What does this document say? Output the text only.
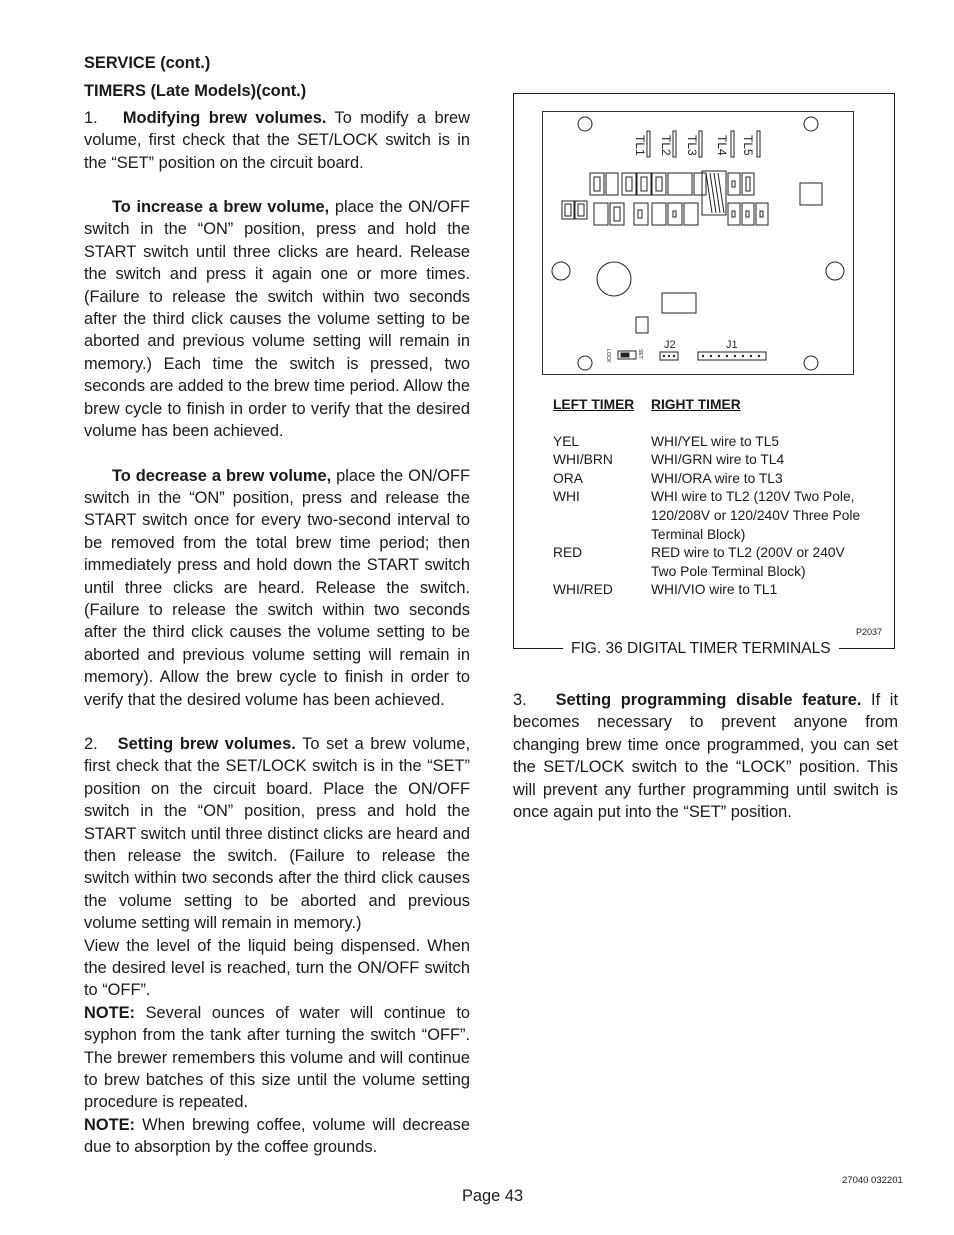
SERVICE (cont.)
TIMERS (Late Models)(cont.)

1. Modifying brew volumes. To modify a brew volume, first check that the SET/LOCK switch is in the “SET” position on the circuit board.

To increase a brew volume, place the ON/OFF switch in the “ON” position, press and hold the START switch until three clicks are heard. Release the switch and press it again one or more times. (Failure to release the switch within two seconds after the third click causes the volume setting to be aborted and previous volume setting will remain in memory.) Each time the switch is pressed, two seconds are added to the brew time period. Allow the brew cycle to finish in order to verify that the desired volume has been achieved.

To decrease a brew volume, place the ON/OFF switch in the “ON” position, press and release the START switch once for every two-second interval to be removed from the total brew time period; then immediately press and hold down the START switch until three clicks are heard. Release the switch. (Failure to release the switch within two seconds after the third click causes the volume setting to be aborted and previous volume setting will remain in memory). Allow the brew cycle to finish in order to verify that the desired volume has been achieved.

2. Setting brew volumes. To set a brew volume, first check that the SET/LOCK switch is in the “SET” position on the circuit board. Place the ON/OFF switch in the “ON” position, press and hold the START switch until three distinct clicks are heard and then release the switch. (Failure to release the switch within two seconds after the third click causes the volume setting to be aborted and previous volume setting will remain in memory.)

View the level of the liquid being dispensed. When the desired level is reached, turn the ON/OFF switch to “OFF”.

NOTE: Several ounces of water will continue to syphon from the tank after turning the switch “OFF”. The brewer remembers this volume and will continue to brew batches of this size until the volume setting procedure is repeated.

NOTE: When brewing coffee, volume will decrease due to absorption by the coffee grounds.

TL1 TL2 TL3 TL4 TL5
J2	J1
SET
LOCK
LEFT TIMER	RIGHT TIMER
YEL	WHI/YEL wire to TL5
WHI/BRN	WHI/GRN wire to TL4
ORA	WHI/ORA wire to TL3
WHI	WHI wire to TL2 (120V Two Pole, 120/208V or 120/240V Three Pole Terminal Block)
RED	RED wire to TL2 (200V or 240V Two Pole Terminal Block)
WHI/RED	WHI/VIO wire to TL1
P2037
FIG. 36 DIGITAL TIMER TERMINALS

3. Setting programming disable feature. If it becomes necessary to prevent anyone from changing brew time once programmed, you can set the SET/LOCK switch to the “LOCK” position. This will prevent any further programming until switch is once again put into the “SET” position.

27040 032201
Page 43
